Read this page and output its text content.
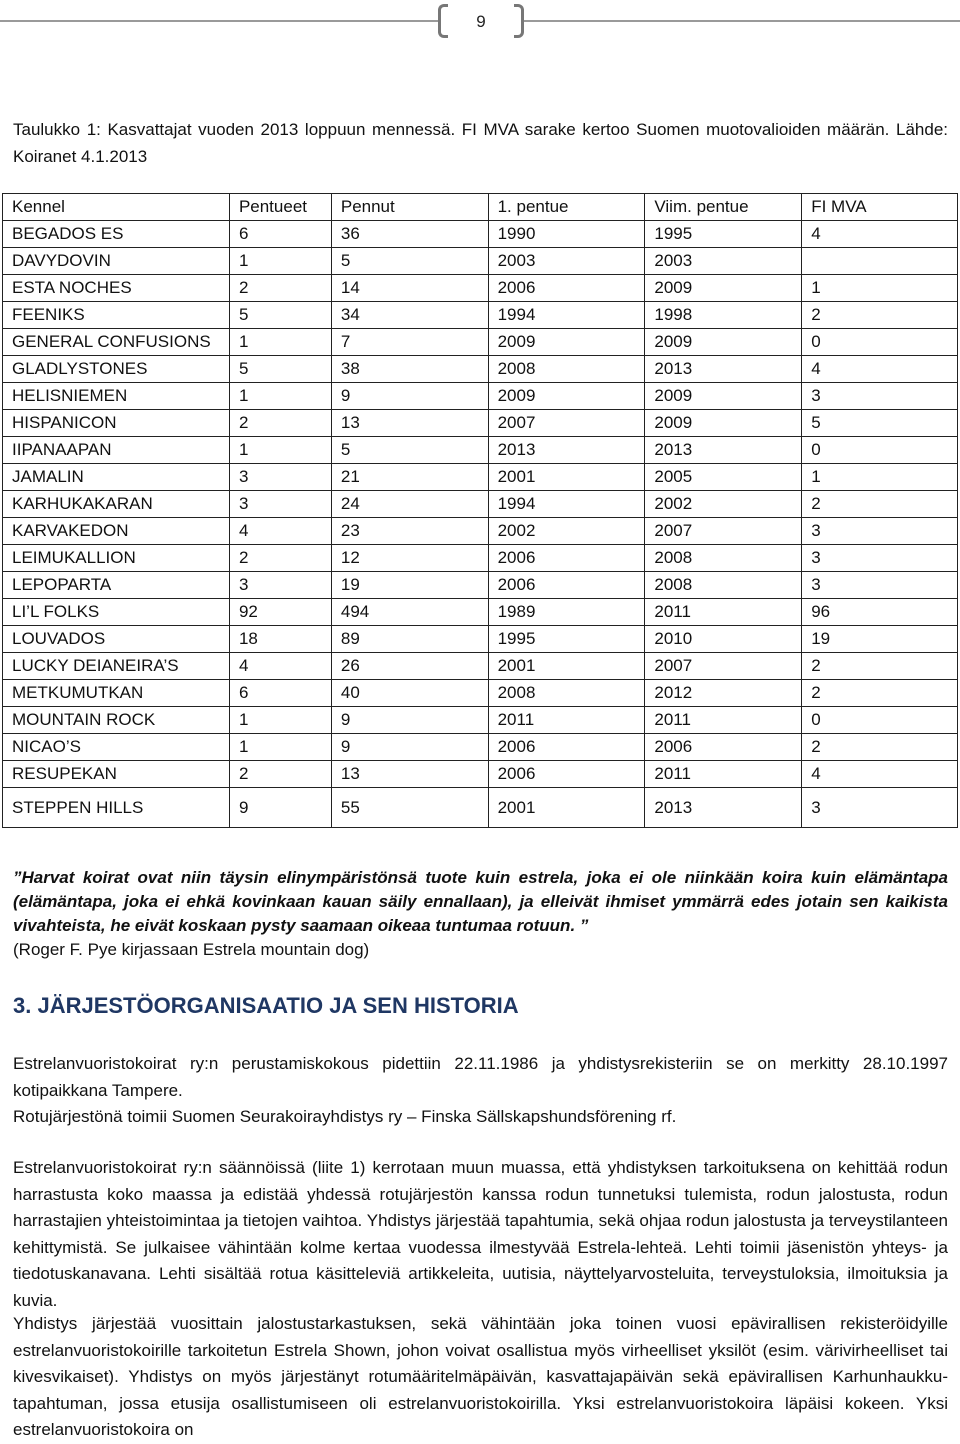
9
Taulukko 1: Kasvattajat vuoden 2013 loppuun mennessä. FI MVA sarake kertoo Suomen muotovalioiden määrän. Lähde: Koiranet 4.1.2013
Kennel	Pentueet	Pennut	1. pentue	Viim. pentue	FI MVA
BEGADOS ES	6	36	1990	1995	4
DAVYDOVIN	1	5	2003	2003	
ESTA NOCHES	2	14	2006	2009	1
FEENIKS	5	34	1994	1998	2
GENERAL CONFUSIONS	1	7	2009	2009	0
GLADLYSTONES	5	38	2008	2013	4
HELISNIEMEN	1	9	2009	2009	3
HISPANICON	2	13	2007	2009	5
IIPANAAPAN	1	5	2013	2013	0
JAMALIN	3	21	2001	2005	1
KARHUKAKARAN	3	24	1994	2002	2
KARVAKEDON	4	23	2002	2007	3
LEIMUKALLION	2	12	2006	2008	3
LEPOPARTA	3	19	2006	2008	3
LI’L FOLKS	92	494	1989	2011	96
LOUVADOS	18	89	1995	2010	19
LUCKY DEIANEIRA’S	4	26	2001	2007	2
METKUMUTKAN	6	40	2008	2012	2
MOUNTAIN ROCK	1	9	2011	2011	0
NICAO’S	1	9	2006	2006	2
RESUPEKAN	2	13	2006	2011	4
STEPPEN HILLS	9	55	2001	2013	3
”Harvat koirat ovat niin täysin elinympäristönsä tuote kuin estrela, joka ei ole niinkään koira kuin elämäntapa (elämäntapa, joka ei ehkä kovinkaan kauan säily ennallaan), ja elleivät ihmiset ymmärrä edes jotain sen kaikista vivahteista, he eivät koskaan pysty saamaan oikeaa tuntumaa rotuun. ”
(Roger F. Pye kirjassaan Estrela mountain dog)
3. JÄRJESTÖORGANISAATIO JA SEN HISTORIA
Estrelanvuoristokoirat ry:n perustamiskokous pidettiin 22.11.1986 ja yhdistysrekisteriin se on merkitty 28.10.1997 kotipaikkana Tampere.
Rotujärjestönä toimii Suomen Seurakoirayhdistys ry – Finska Sällskapshundsförening rf.
Estrelanvuoristokoirat ry:n säännöissä (liite 1) kerrotaan muun muassa, että yhdistyksen tarkoituksena on kehittää rodun harrastusta koko maassa ja edistää yhdessä rotujärjestön kanssa rodun tunnetuksi tulemista, rodun jalostusta, rodun harrastajien yhteistoimintaa ja tietojen vaihtoa. Yhdistys järjestää tapahtumia, sekä ohjaa rodun jalostusta ja terveystilanteen kehittymistä. Se julkaisee vähintään kolme kertaa vuodessa ilmestyvää Estrela-lehteä. Lehti toimii jäsenistön yhteys- ja tiedotuskanavana. Lehti sisältää rotua käsitteleviä artikkeleita, uutisia, näyttelyarvosteluita, terveystuloksia, ilmoituksia ja kuvia.
Yhdistys järjestää vuosittain jalostustarkastuksen, sekä vähintään joka toinen vuosi epävirallisen rekisteröidyille estrelanvuoristokoirille tarkoitetun Estrela Shown, johon voivat osallistua myös virheelliset yksilöt (esim. värivirheelliset tai kivesvikaiset). Yhdistys on myös järjestänyt rotumääritelmäpäivän, kasvattajapäivän sekä epävirallisen Karhunhaukku-tapahtuman, jossa etusija osallistumiseen oli estrelanvuoristokoirilla. Yksi estrelanvuoristokoira läpäisi kokeen. Yksi estrelanvuoristokoira on
